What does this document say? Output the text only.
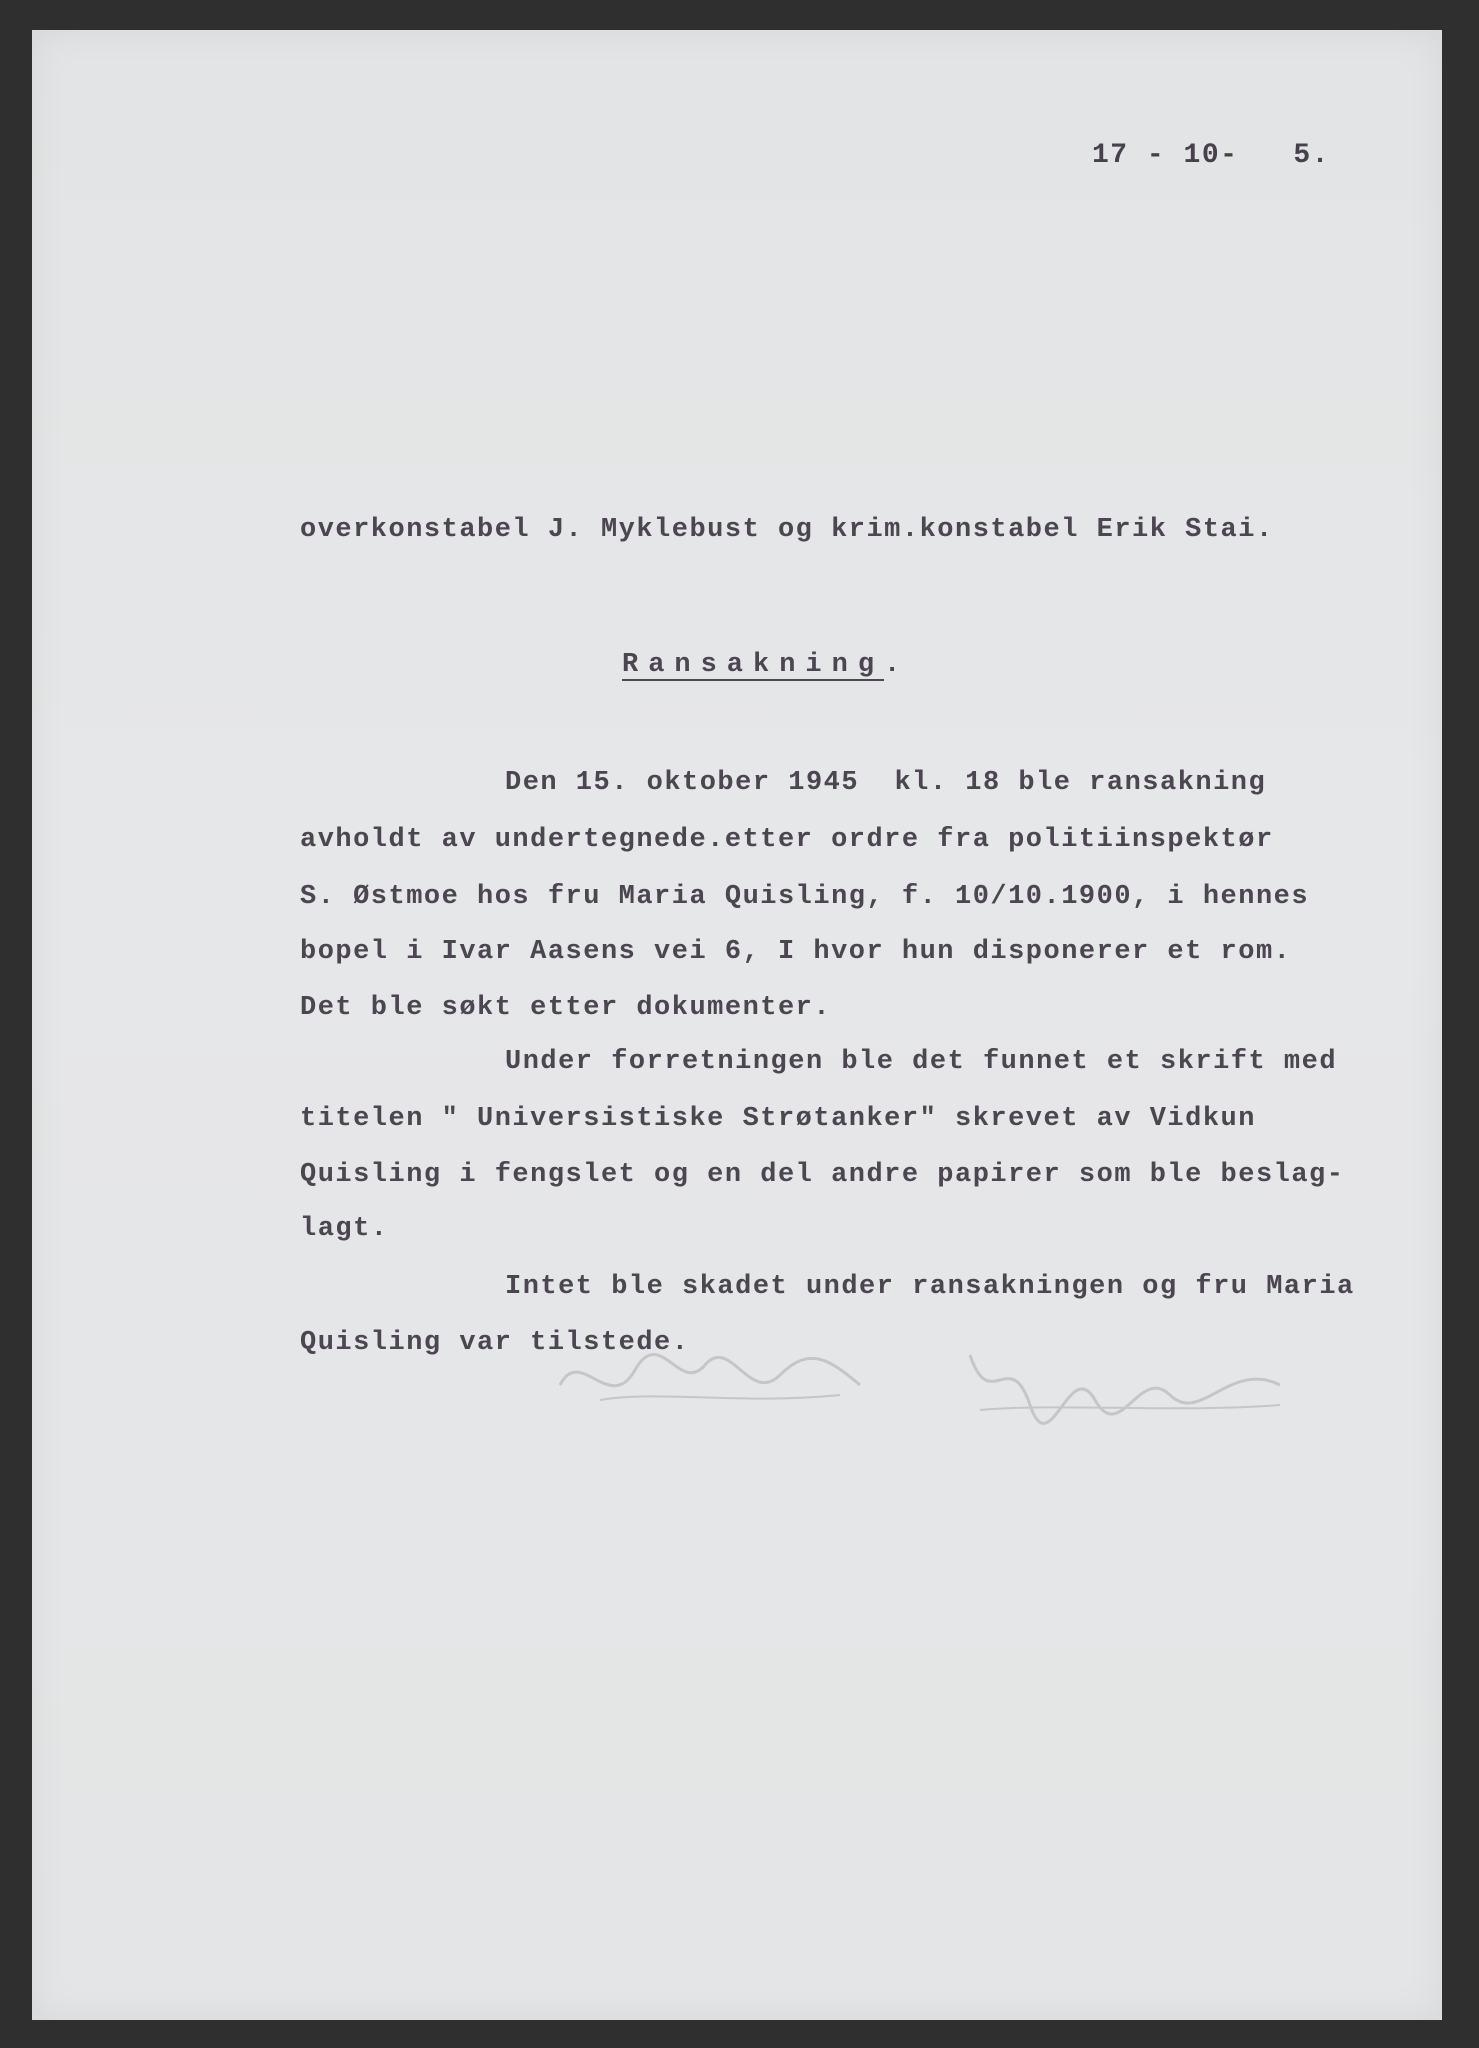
17 - 10-   5.

overkonstabel J. Myklebust og krim.konstabel Erik Stai.

Ransakning.

Den 15. oktober 1945  kl. 18 ble ransakning

avholdt av undertegnede.etter ordre fra politiinspektør

S. Østmoe hos fru Maria Quisling, f. 10/10.1900, i hennes

bopel i Ivar Aasens vei 6, I hvor hun disponerer et rom.

Det ble søkt etter dokumenter.

Under forretningen ble det funnet et skrift med

titelen " Universistiske Strøtanker" skrevet av Vidkun

Quisling i fengslet og en del andre papirer som ble beslag-

lagt.

Intet ble skadet under ransakningen og fru Maria

Quisling var tilstede.
